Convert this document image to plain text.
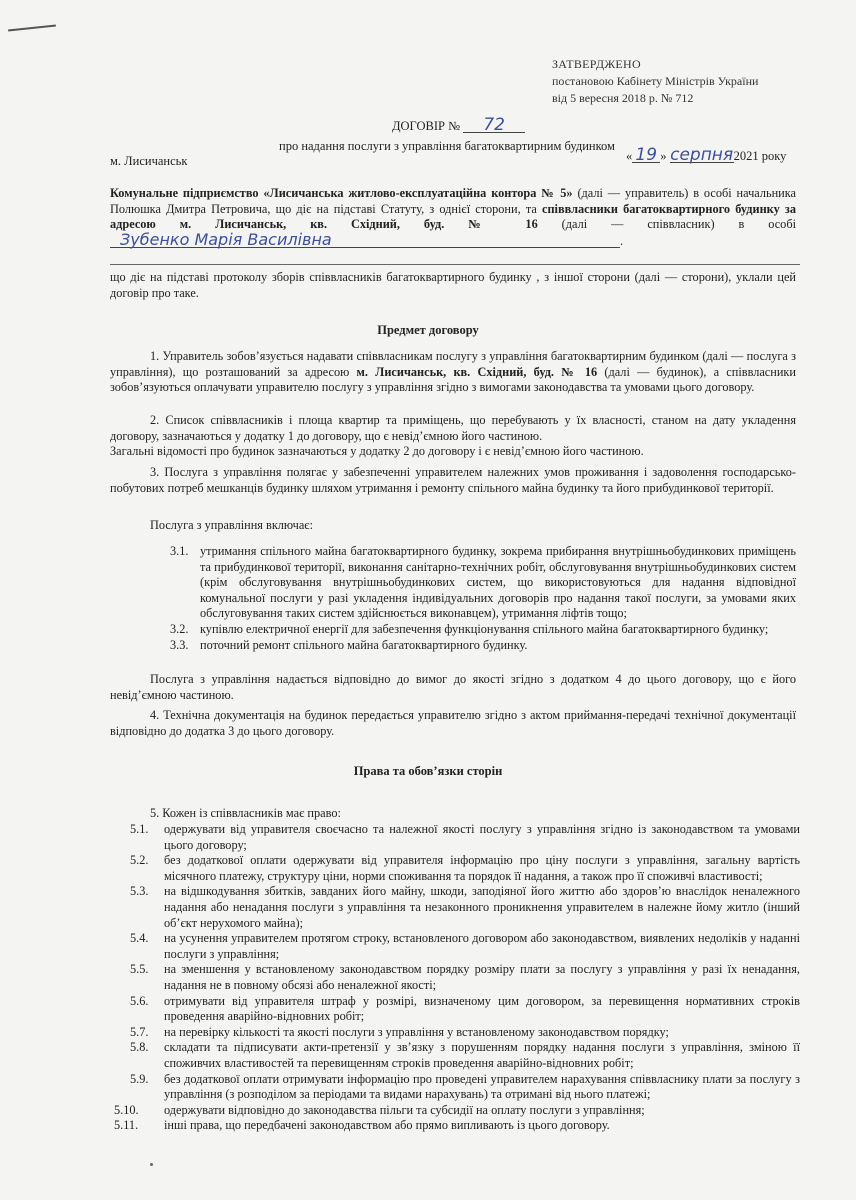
ЗАТВЕРДЖЕНО
постановою Кабінету Міністрів України
від 5 вересня 2018 р. № 712
ДОГОВІР № 72
про надання послуги з управління багатоквартирним будинком
м. Лисичанськ	« 19 » серпня2021 року
Комунальне підприємство «Лисичанська житлово-експлуатаційна контора № 5» (далі — управитель) в особі начальника Полюшка Дмитра Петровича, що діє на підставі Статуту, з однієї сторони, та співвласники багатоквартирного будинку за адресою м. Лисичанськ, кв. Східний, буд. № 16 (далі — співвласник) в особі Зубенко Марія Василівна	.
що діє на підставі протоколу зборів співвласників багатоквартирного будинку , з іншої сторони (далі — сторони), уклали цей договір про таке.
Предмет договору
1. Управитель зобов’язується надавати співвласникам послугу з управління багатоквартирним будинком (далі — послуга з управління), що розташований за адресою м. Лисичанськ, кв. Східний, буд. № 16 (далі — будинок), а співвласники зобов’язуються оплачувати управителю послугу з управління згідно з вимогами законодавства та умовами цього договору.
2. Список співвласників і площа квартир та приміщень, що перебувають у їх власності, станом на дату укладення договору, зазначаються у додатку 1 до договору, що є невід’ємною його частиною.
Загальні відомості про будинок зазначаються у додатку 2 до договору і є невід’ємною його частиною.
3. Послуга з управління полягає у забезпеченні управителем належних умов проживання і задоволення господарсько-побутових потреб мешканців будинку шляхом утримання і ремонту спільного майна будинку та його прибудинкової території.
Послуга з управління включає:
3.1. утримання спільного майна багатоквартирного будинку, зокрема прибирання внутрішньобудинкових приміщень та прибудинкової території, виконання санітарно-технічних робіт, обслуговування внутрішньобудинкових систем (крім обслуговування внутрішньобудинкових систем, що використовуються для надання відповідної комунальної послуги у разі укладення індивідуальних договорів про надання такої послуги, за умовами яких обслуговування таких систем здійснюється виконавцем), утримання ліфтів тощо;
3.2. купівлю електричної енергії для забезпечення функціонування спільного майна багатоквартирного будинку;
3.3. поточний ремонт спільного майна багатоквартирного будинку.
Послуга з управління надається відповідно до вимог до якості згідно з додатком 4 до цього договору, що є його невід’ємною частиною.
4. Технічна документація на будинок передається управителю згідно з актом приймання-передачі технічної документації відповідно до додатка 3 до цього договору.
Права та обов’язки сторін
5. Кожен із співвласників має право:
5.1. одержувати від управителя своєчасно та належної якості послугу з управління згідно із законодавством та умовами цього договору;
5.2. без додаткової оплати одержувати від управителя інформацію про ціну послуги з управління, загальну вартість місячного платежу, структуру ціни, норми споживання та порядок її надання, а також про її споживчі властивості;
5.3. на відшкодування збитків, завданих його майну, шкоди, заподіяної його життю або здоров’ю внаслідок неналежного надання або ненадання послуги з управління та незаконного проникнення управителем в належне йому житло (інший об’єкт нерухомого майна);
5.4. на усунення управителем протягом строку, встановленого договором або законодавством, виявлених недоліків у наданні послуги з управління;
5.5. на зменшення у встановленому законодавством порядку розміру плати за послугу з управління у разі їх ненадання, надання не в повному обсязі або неналежної якості;
5.6. отримувати від управителя штраф у розмірі, визначеному цим договором, за перевищення нормативних строків проведення аварійно-відновних робіт;
5.7. на перевірку кількості та якості послуги з управління у встановленому законодавством порядку;
5.8. складати та підписувати акти-претензії у зв’язку з порушенням порядку надання послуги з управління, зміною її споживчих властивостей та перевищенням строків проведення аварійно-відновних робіт;
5.9. без додаткової оплати отримувати інформацію про проведені управителем нарахування співвласнику плати за послугу з управління (з розподілом за періодами та видами нарахувань) та отримані від нього платежі;
5.10. одержувати відповідно до законодавства пільги та субсидії на оплату послуги з управління;
5.11. інші права, що передбачені законодавством або прямо випливають із цього договору.
